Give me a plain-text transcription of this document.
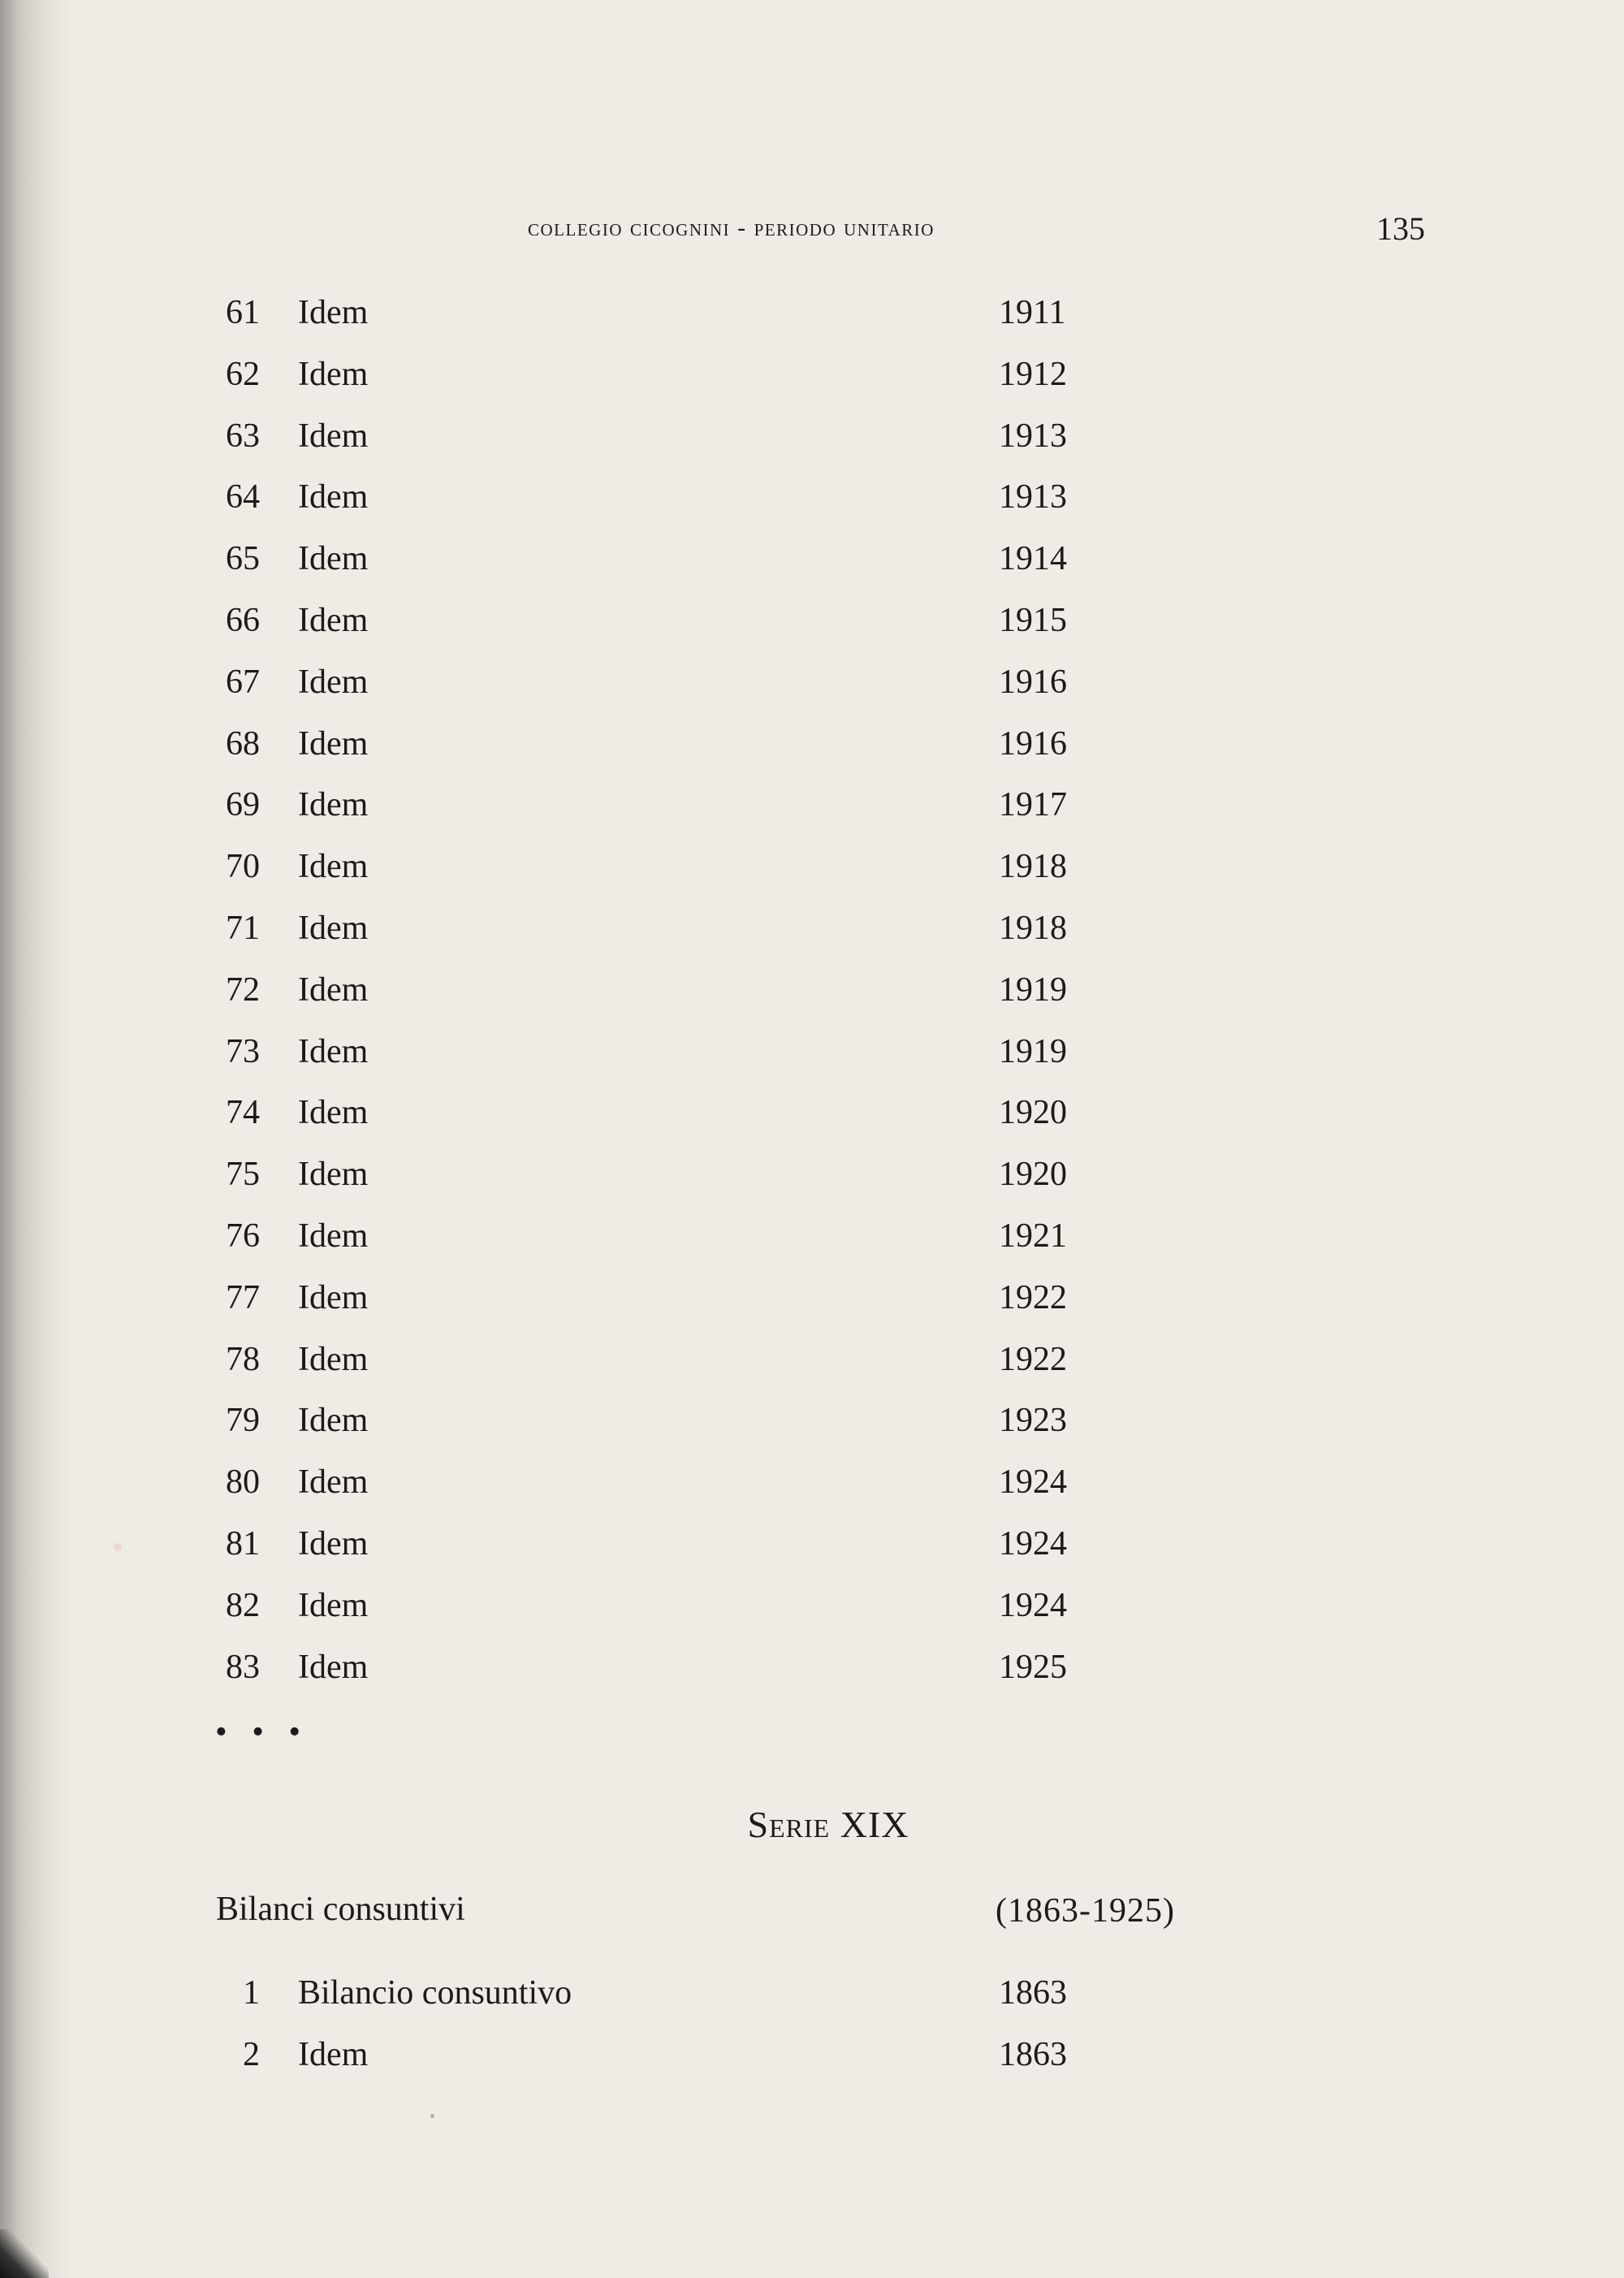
collegio cicognini - periodo unitario	135
61 Idem	1911
62 Idem	1912
63 Idem	1913
64 Idem	1913
65 Idem	1914
66 Idem	1915
67 Idem	1916
68 Idem	1916
69 Idem	1917
70 Idem	1918
71 Idem	1918
72 Idem	1919
73 Idem	1919
74 Idem	1920
75 Idem	1920
76 Idem	1921
77 Idem	1922
78 Idem	1922
79 Idem	1923
80 Idem	1924
81 Idem	1924
82 Idem	1924
83 Idem	1925
• • •
Serie XIX
Bilanci consuntivi	(1863-1925)
1 Bilancio consuntivo	1863
2 Idem	1863
